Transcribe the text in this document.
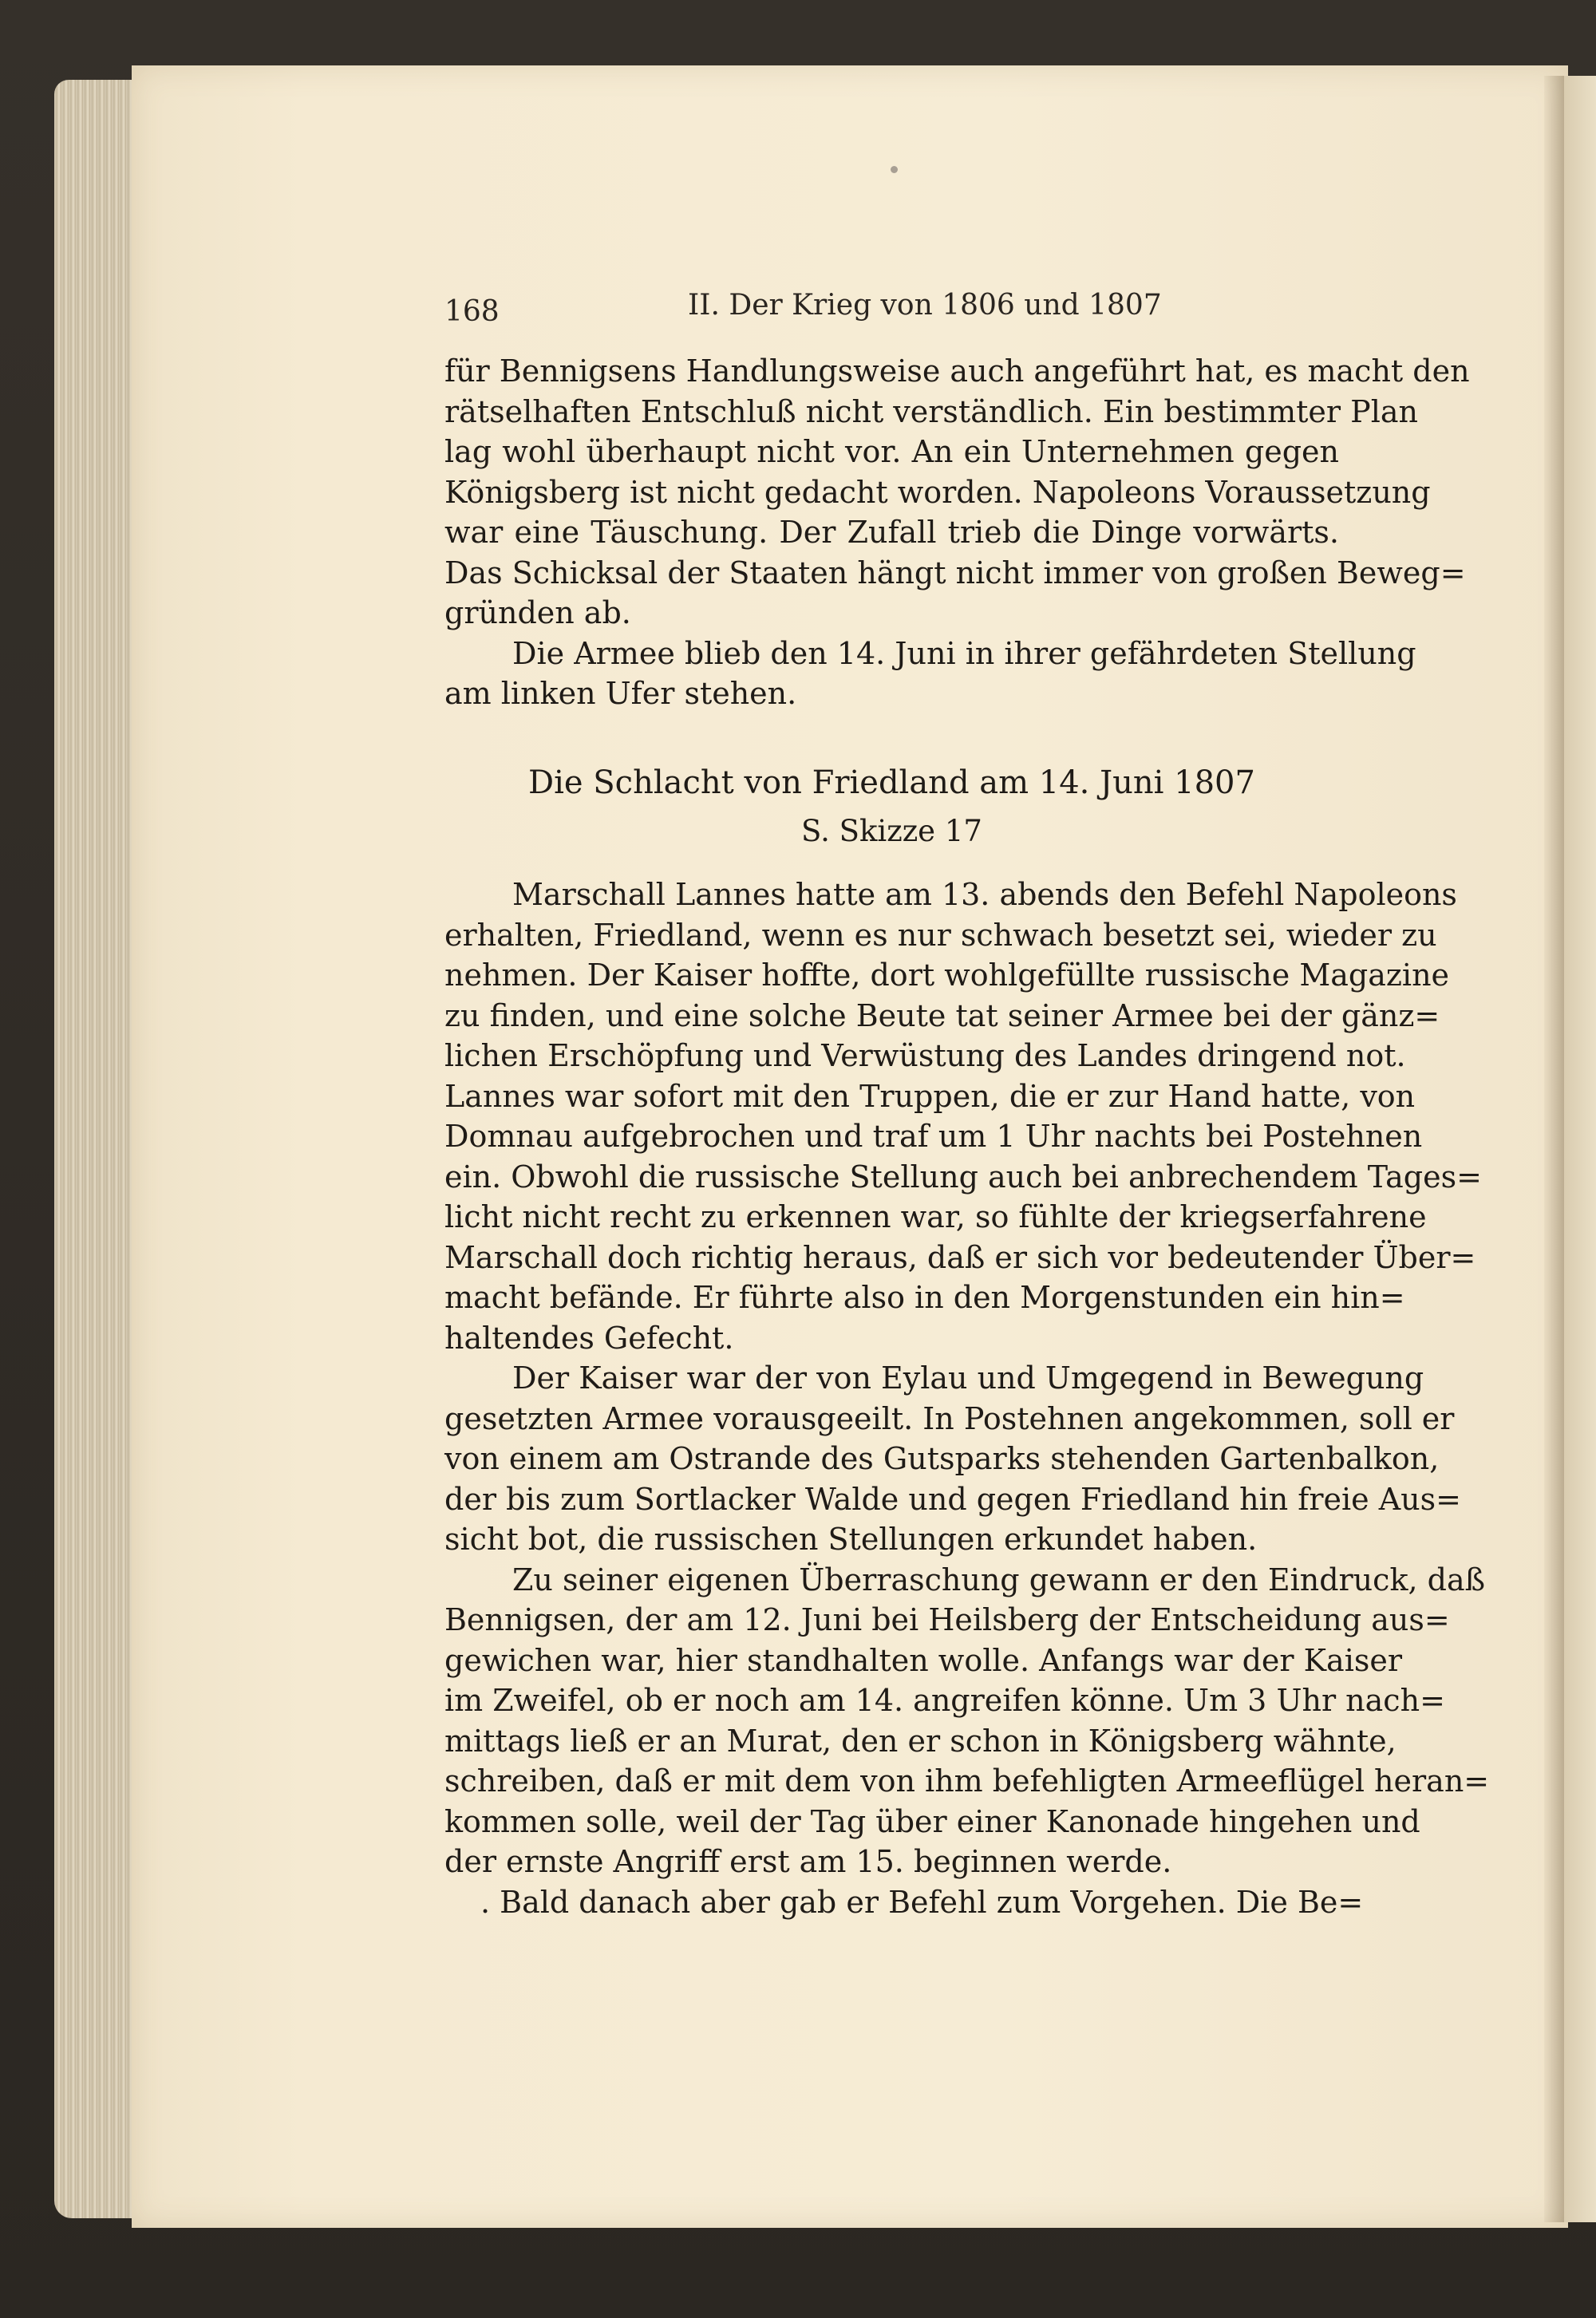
168	II. Der Krieg von 1806 und 1807
für Bennigsens Handlungsweise auch angeführt hat, es macht den
rätselhaften Entschluß nicht verständlich. Ein bestimmter Plan
lag wohl überhaupt nicht vor. An ein Unternehmen gegen
Königsberg ist nicht gedacht worden. Napoleons Voraussetzung
war eine Täuschung. Der Zufall trieb die Dinge vorwärts.
Das Schicksal der Staaten hängt nicht immer von großen Beweg=
gründen ab.
Die Armee blieb den 14. Juni in ihrer gefährdeten Stellung
am linken Ufer stehen.
Die Schlacht von Friedland am 14. Juni 1807
S. Skizze 17
Marschall Lannes hatte am 13. abends den Befehl Napoleons
erhalten, Friedland, wenn es nur schwach besetzt sei, wieder zu
nehmen. Der Kaiser hoffte, dort wohlgefüllte russische Magazine
zu finden, und eine solche Beute tat seiner Armee bei der gänz=
lichen Erschöpfung und Verwüstung des Landes dringend not.
Lannes war sofort mit den Truppen, die er zur Hand hatte, von
Domnau aufgebrochen und traf um 1 Uhr nachts bei Postehnen
ein. Obwohl die russische Stellung auch bei anbrechendem Tages=
licht nicht recht zu erkennen war, so fühlte der kriegserfahrene
Marschall doch richtig heraus, daß er sich vor bedeutender Über=
macht befände. Er führte also in den Morgenstunden ein hin=
haltendes Gefecht.
Der Kaiser war der von Eylau und Umgegend in Bewegung
gesetzten Armee vorausgeeilt. In Postehnen angekommen, soll er
von einem am Ostrande des Gutsparks stehenden Gartenbalkon,
der bis zum Sortlacker Walde und gegen Friedland hin freie Aus=
sicht bot, die russischen Stellungen erkundet haben.
Zu seiner eigenen Überraschung gewann er den Eindruck, daß
Bennigsen, der am 12. Juni bei Heilsberg der Entscheidung aus=
gewichen war, hier standhalten wolle. Anfangs war der Kaiser
im Zweifel, ob er noch am 14. angreifen könne. Um 3 Uhr nach=
mittags ließ er an Murat, den er schon in Königsberg wähnte,
schreiben, daß er mit dem von ihm befehligten Armeeflügel heran=
kommen solle, weil der Tag über einer Kanonade hingehen und
der ernste Angriff erst am 15. beginnen werde.
. Bald danach aber gab er Befehl zum Vorgehen. Die Be=
